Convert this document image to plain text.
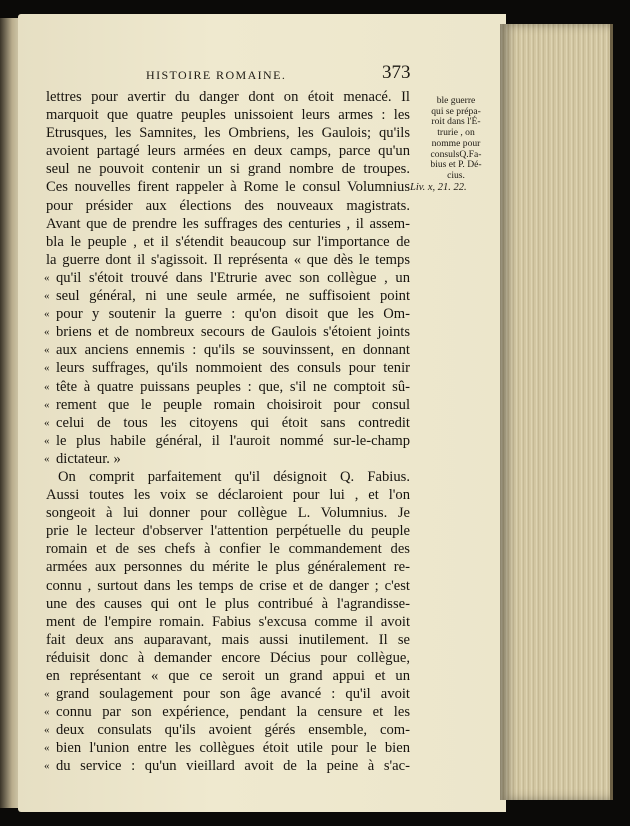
HISTOIRE ROMAINE.	373
ble guerre
qui se prépa-
roit dans l'É-
trurie , on
nomme pour
consulsQ.Fa-
bius et P. Dé-
cius.
Liv. x, 21. 22.
lettres pour avertir du danger dont on étoit menacé. Il
marquoit que quatre peuples unissoient leurs armes : les
Etrusques, les Samnites, les Ombriens, les Gaulois; qu'ils
avoient partagé leurs armées en deux camps, parce qu'un
seul ne pouvoit contenir un si grand nombre de troupes.
Ces nouvelles firent rappeler à Rome le consul Volumnius
pour présider aux élections des nouveaux magistrats.
Avant que de prendre les suffrages des centuries , il assem-
bla le peuple , et il s'étendit beaucoup sur l'importance de
la guerre dont il s'agissoit. Il représenta « que dès le temps
« qu'il s'étoit trouvé dans l'Etrurie avec son collègue , un
« seul général, ni une seule armée, ne suffisoient point
« pour y soutenir la guerre : qu'on disoit que les Om-
« briens et de nombreux secours de Gaulois s'étoient joints
« aux anciens ennemis : qu'ils se souvinssent, en donnant
« leurs suffrages, qu'ils nommoient des consuls pour tenir
« tête à quatre puissans peuples : que, s'il ne comptoit sû-
« rement que le peuple romain choisiroit pour consul
« celui de tous les citoyens qui étoit sans contredit
« le plus habile général, il l'auroit nommé sur-le-champ
« dictateur. »
On comprit parfaitement qu'il désignoit Q. Fabius.
Aussi toutes les voix se déclaroient pour lui , et l'on
songeoit à lui donner pour collègue L. Volumnius. Je
prie le lecteur d'observer l'attention perpétuelle du peuple
romain et de ses chefs à confier le commandement des
armées aux personnes du mérite le plus généralement re-
connu , surtout dans les temps de crise et de danger ; c'est
une des causes qui ont le plus contribué à l'agrandisse-
ment de l'empire romain. Fabius s'excusa comme il avoit
fait deux ans auparavant, mais aussi inutilement. Il se
réduisit donc à demander encore Décius pour collègue,
en représentant « que ce seroit un grand appui et un
« grand soulagement pour son âge avancé : qu'il avoit
« connu par son expérience, pendant la censure et les
« deux consulats qu'ils avoient gérés ensemble, com-
« bien l'union entre les collègues étoit utile pour le bien
« du service : qu'un vieillard avoit de la peine à s'ac-
